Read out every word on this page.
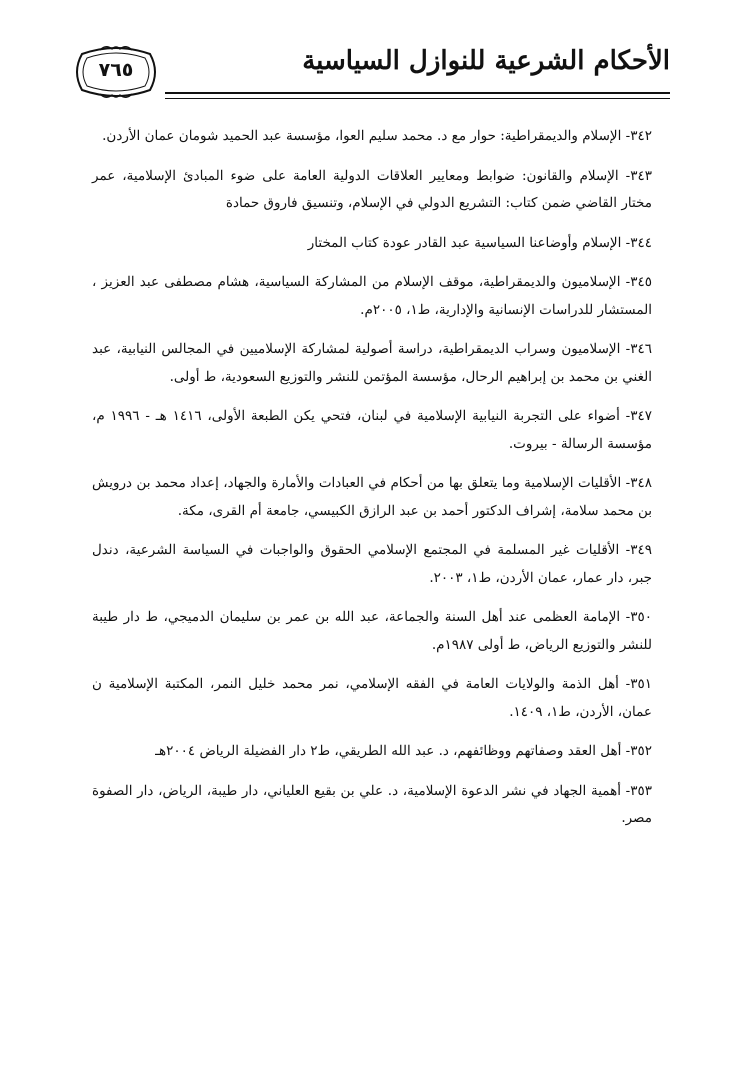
٧٦٥	الأحكام الشرعية للنوازل السياسية
٣٤٢- الإسلام والديمقراطية: حوار مع د. محمد سليم العوا، مؤسسة عبد الحميد شومان عمان الأردن.
٣٤٣- الإسلام والقانون: ضوابط ومعايير العلاقات الدولية العامة على ضوء المبادئ الإسلامية، عمر مختار القاضي ضمن كتاب: التشريع الدولي في الإسلام، وتنسيق فاروق حمادة
٣٤٤- الإسلام وأوضاعنا السياسية عبد القادر عودة كتاب المختار
٣٤٥- الإسلاميون والديمقراطية، موقف الإسلام من المشاركة السياسية، هشام مصطفى عبد العزيز ، المستشار للدراسات الإنسانية والإدارية، ط١، ٢٠٠٥م.
٣٤٦- الإسلاميون وسراب الديمقراطية، دراسة أصولية لمشاركة الإسلاميين في المجالس النيابية، عبد الغني بن محمد بن إبراهيم الرحال، مؤسسة المؤتمن للنشر والتوزيع السعودية، ط أولى.
٣٤٧- أضواء على التجربة النيابية الإسلامية في لبنان، فتحي يكن الطبعة الأولى، ١٤١٦ هـ - ١٩٩٦ م، مؤسسة الرسالة - بيروت.
٣٤٨- الأقليات الإسلامية وما يتعلق بها من أحكام في العبادات والأمارة والجهاد، إعداد محمد بن درويش بن محمد سلامة، إشراف الدكتور أحمد بن عبد الرازق الكبيسي، جامعة أم القرى، مكة.
٣٤٩- الأقليات غير المسلمة في المجتمع الإسلامي الحقوق والواجبات في السياسة الشرعية، دندل جبر، دار عمار، عمان الأردن، ط١، ٢٠٠٣.
٣٥٠- الإمامة العظمى عند أهل السنة والجماعة، عبد الله بن عمر بن سليمان الدميجي، ط دار طيبة للنشر والتوزيع الرياض، ط أولى ١٩٨٧م.
٣٥١- أهل الذمة والولايات العامة في الفقه الإسلامي، نمر محمد خليل النمر، المكتبة الإسلامية ن عمان، الأردن، ط١، ١٤٠٩.
٣٥٢- أهل العقد وصفاتهم ووظائفهم، د. عبد الله الطريقي، ط٢ دار الفضيلة الرياض ٢٠٠٤هـ
٣٥٣- أهمية الجهاد في نشر الدعوة الإسلامية، د. علي بن بقيع العلياني، دار طيبة، الرياض، دار الصفوة مصر.
